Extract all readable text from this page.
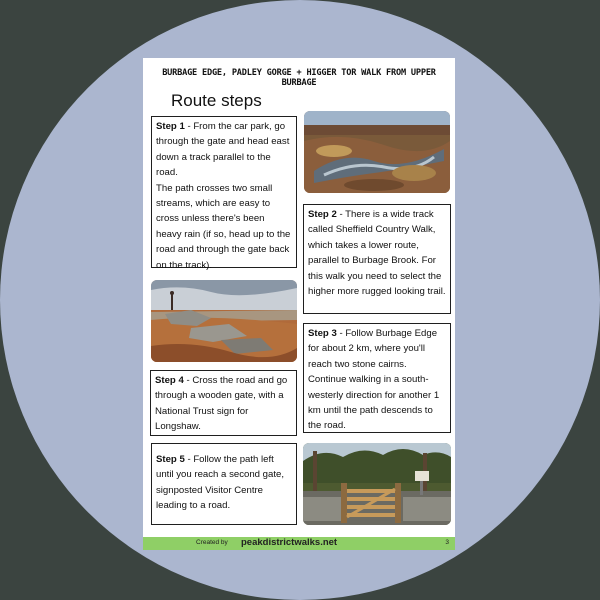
BURBAGE EDGE, PADLEY GORGE + HIGGER TOR WALK FROM UPPER BURBAGE
Route steps
Step 1 - From the car park, go through the gate and head east down a track parallel to the road.
The path crosses two small streams, which are easy to cross unless there's been heavy rain (if so, head up to the road and through the gate back on the track).
Step 2 - There is a wide track called Sheffield Country Walk, which takes a lower route, parallel to Burbage Brook. For this walk you need to select the higher more rugged looking trail.
Step 3 - Follow Burbage Edge for about 2 km, where you'll reach two stone cairns. Continue walking in a south-westerly direction for another 1 km until the path descends to the road.
Step 4 - Cross the road and go through a wooden gate, with a National Trust sign for Longshaw.
Step 5 - Follow the path left until you reach a second gate, signposted Visitor Centre leading to a road.
Created by peakdistrictwalks.net	3
